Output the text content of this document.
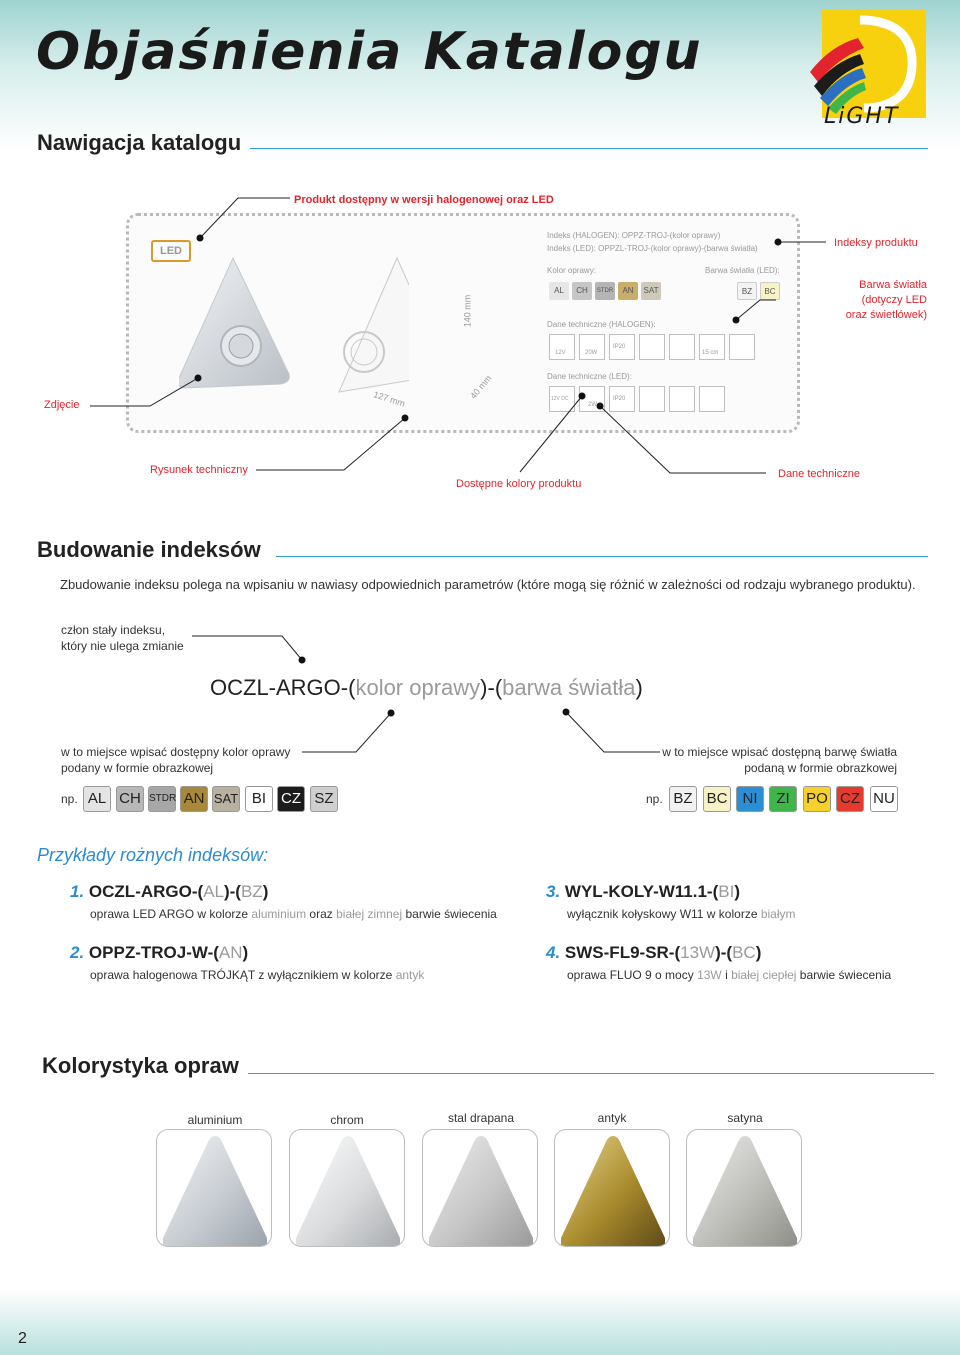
Objaśnienia Katalogu
LiGHT
Nawigacja katalogu
Produkt dostępny w wersji halogenowej oraz LED
Indeksy produktu
Barwa światła
(dotyczy LED
oraz świetlówek)
Zdjęcie
Rysunek techniczny
Dostępne kolory produktu
Dane techniczne
LED
140 mm
127 mm	40 mm
Indeks (HALOGEN): OPPZ-TROJ-(kolor oprawy)
Indeks (LED): OPPZL-TROJ-(kolor oprawy)-(barwa światła)
Kolor oprawy:	Barwa światła (LED):
AL	CH	STDR	AN	SAT	BZ	BC
Dane techniczne (HALOGEN):
12V	20W
IP20
15 cm
Dane techniczne (LED):
12V DC
2W
IP20
Budowanie indeksów
Zbudowanie indeksu polega na wpisaniu w nawiasy odpowiednich parametrów (które mogą się różnić w zależności od rodzaju wybranego produktu).
człon stały indeksu,
który nie ulega zmianie
OCZL-ARGO-(kolor oprawy)-(barwa światła)
w to miejsce wpisać dostępny kolor oprawy
podany w formie obrazkowej
w to miejsce wpisać dostępną barwę światła
podaną w formie obrazkowej
np.	np.
AL CH STDR AN SAT BI CZ SZ	BZ BC	NI	ZI	PO CZ NU
Przykłady rożnych indeksów:
1. OCZL-ARGO-(AL)-(BZ)
oprawa LED ARGO w kolorze aluminium oraz białej zimnej barwie świecenia
2. OPPZ-TROJ-W-(AN)
oprawa halogenowa TRÓJKĄT z wyłącznikiem w kolorze antyk
3. WYL-KOLY-W11.1-(BI)
wyłącznik kołyskowy W11 w kolorze białym
4. SWS-FL9-SR-(13W)-(BC)
oprawa FLUO 9 o mocy 13W i białej ciepłej barwie świecenia
Kolorystyka opraw
aluminium	chrom	stal drapana	antyk	satyna
2
